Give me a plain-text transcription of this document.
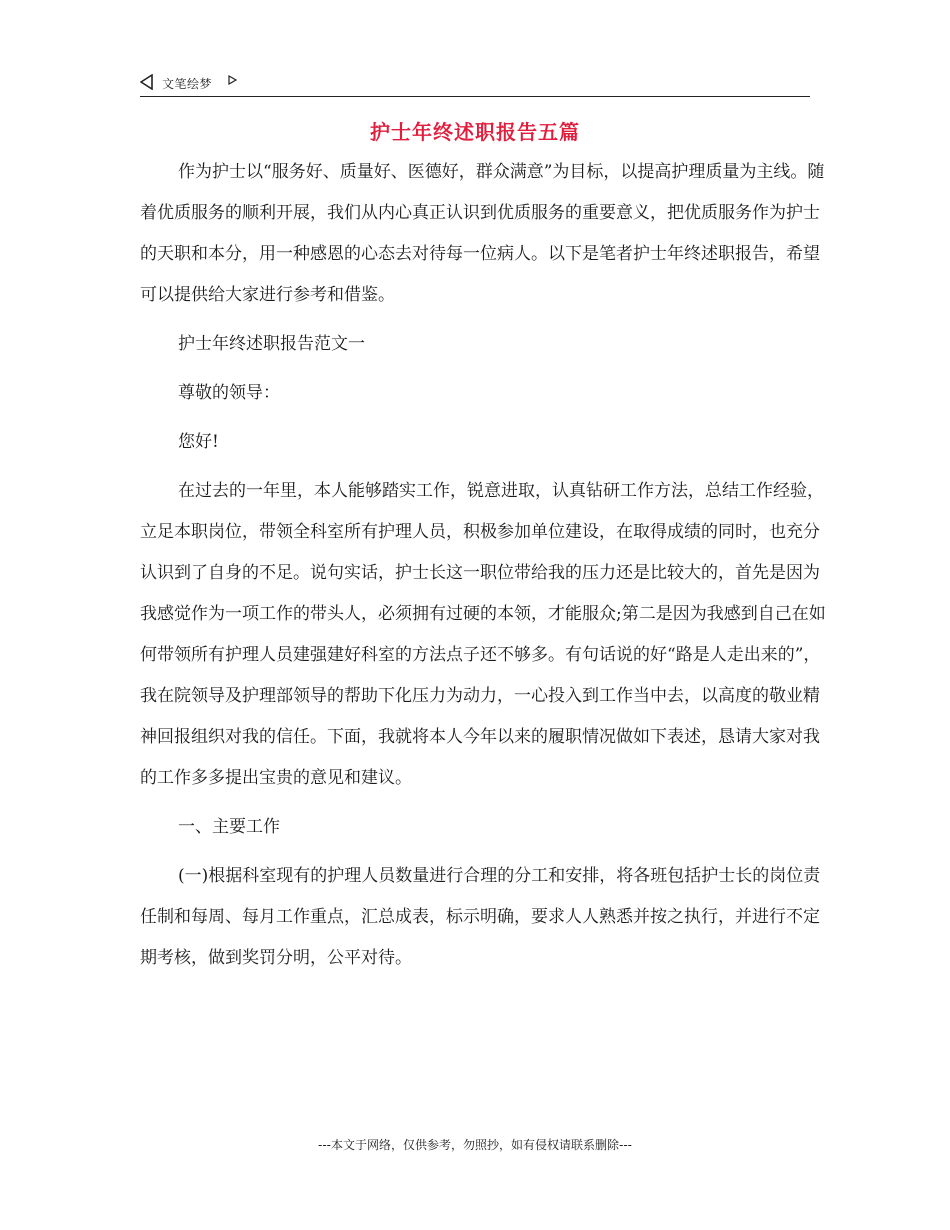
文笔绘梦
护士年终述职报告五篇

作为护士以“服务好、质量好、医德好，群众满意”为目标，以提高护理质量为主线。随着优质服务的顺利开展，我们从内心真正认识到优质服务的重要意义，把优质服务作为护士的天职和本分，用一种感恩的心态去对待每一位病人。以下是笔者护士年终述职报告，希望可以提供给大家进行参考和借鉴。

护士年终述职报告范文一

尊敬的领导：

您好!

在过去的一年里，本人能够踏实工作，锐意进取，认真钻研工作方法，总结工作经验，立足本职岗位，带领全科室所有护理人员，积极参加单位建设，在取得成绩的同时，也充分认识到了自身的不足。说句实话，护士长这一职位带给我的压力还是比较大的，首先是因为我感觉作为一项工作的带头人，必须拥有过硬的本领，才能服众;第二是因为我感到自己在如何带领所有护理人员建强建好科室的方法点子还不够多。有句话说的好“路是人走出来的”，我在院领导及护理部领导的帮助下化压力为动力，一心投入到工作当中去，以高度的敬业精神回报组织对我的信任。下面，我就将本人今年以来的履职情况做如下表述，恳请大家对我的工作多多提出宝贵的意见和建议。

一、主要工作

(一)根据科室现有的护理人员数量进行合理的分工和安排，将各班包括护士长的岗位责任制和每周、每月工作重点，汇总成表，标示明确，要求人人熟悉并按之执行，并进行不定期考核，做到奖罚分明，公平对待。

---本文于网络，仅供参考，勿照抄，如有侵权请联系删除---
